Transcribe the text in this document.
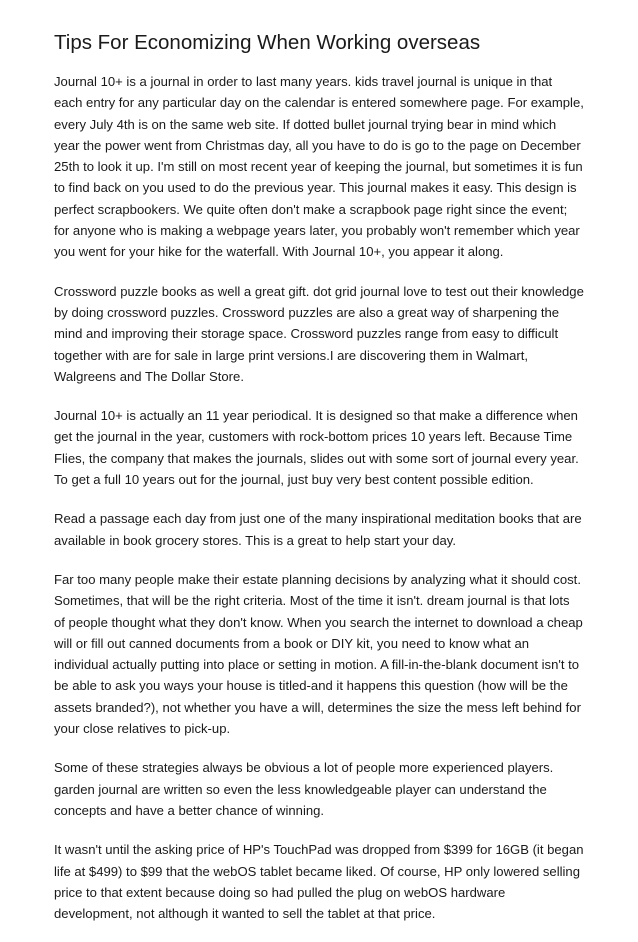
Tips For Economizing When Working overseas

Journal 10+ is a journal in order to last many years. kids travel journal is unique in that each entry for any particular day on the calendar is entered somewhere page. For example, every July 4th is on the same web site. If dotted bullet journal trying bear in mind which year the power went from Christmas day, all you have to do is go to the page on December 25th to look it up. I'm still on most recent year of keeping the journal, but sometimes it is fun to find back on you used to do the previous year. This journal makes it easy. This design is perfect scrapbookers. We quite often don't make a scrapbook page right since the event; for anyone who is making a webpage years later, you probably won't remember which year you went for your hike for the waterfall. With Journal 10+, you appear it along.

Crossword puzzle books as well a great gift. dot grid journal love to test out their knowledge by doing crossword puzzles. Crossword puzzles are also a great way of sharpening the mind and improving their storage space. Crossword puzzles range from easy to difficult together with are for sale in large print versions.I are discovering them in Walmart, Walgreens and The Dollar Store.

Journal 10+ is actually an 11 year periodical. It is designed so that make a difference when get the journal in the year, customers with rock-bottom prices 10 years left. Because Time Flies, the company that makes the journals, slides out with some sort of journal every year. To get a full 10 years out for the journal, just buy very best content possible edition.

Read a passage each day from just one of the many inspirational meditation books that are available in book grocery stores. This is a great to help start your day.

Far too many people make their estate planning decisions by analyzing what it should cost. Sometimes, that will be the right criteria. Most of the time it isn't. dream journal is that lots of people thought what they don't know. When you search the internet to download a cheap will or fill out canned documents from a book or DIY kit, you need to know what an individual actually putting into place or setting in motion. A fill-in-the-blank document isn't to be able to ask you ways your house is titled-and it happens this question (how will be the assets branded?), not whether you have a will, determines the size the mess left behind for your close relatives to pick-up.

Some of these strategies always be obvious a lot of people more experienced players. garden journal are written so even the less knowledgeable player can understand the concepts and have a better chance of winning.

It wasn't until the asking price of HP's TouchPad was dropped from $399 for 16GB (it began life at $499) to $99 that the webOS tablet became liked. Of course, HP only lowered selling price to that extent because doing so had pulled the plug on webOS hardware development, not although it wanted to sell the tablet at that price.
